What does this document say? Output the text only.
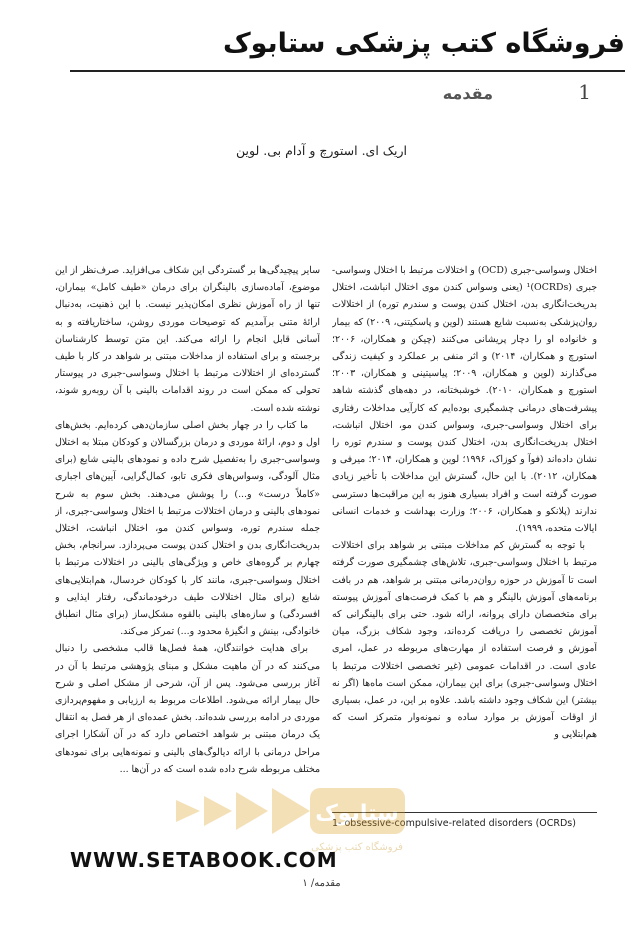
فروشگاه کتب پزشکی ستابوک
1
مقدمه
اریک ای. استورچ و آدام بی. لوین

اختلال وسواسی-جبری (OCD) و اختلالات مرتبط با اختلال وسواسی-جبری (OCRDs)¹ (یعنی وسواس کندن موی اختلال انباشت، اختلال بدریخت‌انگاری بدن، اختلال کندن پوست و سندرم توره) از اختلالات روان‌پزشکی به‌نسبت شایع هستند (لوین و پاسکیتنی، ۲۰۰۹) که بیمار و خانواده او را دچار پریشانی می‌کنند (چیکن و همکاران، ۲۰۰۶؛ استورچ و همکاران، ۲۰۱۴) و اثر منفی بر عملکرد و کیفیت زندگی می‌گذارند (لوین و همکاران، ۲۰۰۹؛ پیاسیتینی و همکاران، ۲۰۰۳؛ استورچ و همکاران، ۲۰۱۰). خوشبختانه، در دهه‌های گذشته شاهد پیشرفت‌های درمانی چشمگیری بوده‌ایم که کارآیی مداخلات رفتاری برای اختلال وسواسی-جبری، وسواس کندن مو، اختلال انباشت، اختلال بدریخت‌انگاری بدن، اختلال کندن پوست و سندرم توره را نشان داده‌اند (فوآ و کوزاک، ۱۹۹۶؛ لوین و همکاران، ۲۰۱۴؛ میرفی و همکاران، ۲۰۱۲). با این حال، گسترش این مداخلات با تأخیر زیادی صورت گرفته است و افراد بسیاری هنوز به این مراقبت‌ها دسترسی ندارند (پلانکو و همکاران، ۲۰۰۶؛ وزارت بهداشت و خدمات انسانی ایالات متحده، ۱۹۹۹).

با توجه به گسترش کم مداخلات مبتنی بر شواهد برای اختلالات مرتبط با اختلال وسواسی-جبری، تلاش‌های چشمگیری صورت گرفته است تا آموزش در حوزه روان‌درمانی مبتنی بر شواهد، هم در بافت برنامه‌های آموزش بالینگر و هم با کمک فرصت‌های آموزش پیوسته برای متخصصان دارای پروانه، ارائه شود. حتی برای بالینگرانی که آموزش تخصصی را دریافت کرده‌اند، وجود شکاف بزرگ، میان آموزش و فرصت استفاده از مهارت‌های مربوطه در عمل، امری عادی است. در اقدامات عمومی (غیر تخصصی اختلالات مرتبط با اختلال وسواسی-جبری) برای این بیماران، ممکن است ماه‌ها (اگر نه بیشتر) این شکاف وجود داشته باشد. علاوه بر این، در عمل، بسیاری از اوقات آموزش بر موارد ساده و نمونه‌وار متمرکز است که هم‌ابتلایی و

سایر پیچیدگی‌ها بر گستردگی این شکاف می‌افزاید. صرف‌نظر از این موضوع، آماده‌سازی بالینگران برای درمان «طیف کامل» بیماران، تنها از راه آموزش نظری امکان‌پذیر نیست. با این ذهنیت، به‌دنبال ارائهٔ متنی برآمدیم که توصیحات موردی روشن، ساختاریافته و به آسانی قابل انجام را ارائه می‌کند. این متن توسط کارشناسان برجسته و برای استفاده از مداخلات مبتنی بر شواهد در کار با طیف گسترده‌ای از اختلالات مرتبط با اختلال وسواسی-جبری در پیوستار تحولی که ممکن است در روند اقدامات بالینی با آن روبه‌رو شوند، نوشته شده است.

ما کتاب را در چهار بخش اصلی سازمان‌دهی کرده‌ایم. بخش‌های اول و دوم، ارائهٔ موردی و درمان بزرگسالان و کودکان مبتلا به اختلال وسواسی-جبری را به‌تفصیل شرح داده و نمودهای بالینی شایع (برای مثال آلودگی، وسواس‌های فکری تابو، کمال‌گرایی، آیین‌های اجباری «کاملاً درست» و...) را پوشش می‌دهند. بخش سوم به شرح نمودهای بالینی و درمان اختلالات مرتبط با اختلال وسواسی-جبری، از جمله سندرم توره، وسواس کندن مو، اختلال انباشت، اختلال بدریخت‌انگاری بدن و اختلال کندن پوست می‌پردازد. سرانجام، بخش چهارم بر گروه‌های خاص و ویژگی‌های بالینی در اختلالات مرتبط با اختلال وسواسی-جبری، مانند کار با کودکان خردسال، هم‌ابتلایی‌های شایع (برای مثال اختلالات طیف درخودماندگی، رفتار ایذایی و افسردگی) و سازه‌های بالینی بالقوه مشکل‌ساز (برای مثال انطباق خانوادگی، بینش و انگیزهٔ محدود و...) تمرکز می‌کند.

برای هدایت خوانندگان، همهٔ فصل‌ها قالب مشخصی را دنبال می‌کنند که در آن ماهیت مشکل و مبنای پژوهشی مرتبط با آن در آغاز بررسی می‌شود. پس از آن، شرحی از مشکل اصلی و شرح حال بیمار ارائه می‌شود. اطلاعات مربوط به ارزیابی و مفهوم‌پردازی موردی در ادامه بررسی شده‌اند. بخش عمده‌ای از هر فصل به انتقال یک درمان مبتنی بر شواهد اختصاص دارد که در آن آشکارا اجرای مراحل درمانی با ارائه دیالوگ‌های بالینی و نمونه‌هایی برای نمودهای مختلف مربوطه شرح داده شده است که در آن‌ها ...

1- obsessive-compulsive-related disorders (OCRDs)
ستابوک
فروشگاه کتب پزشکی
WWW.SETABOOK.COM
مقدمه/ ۱
